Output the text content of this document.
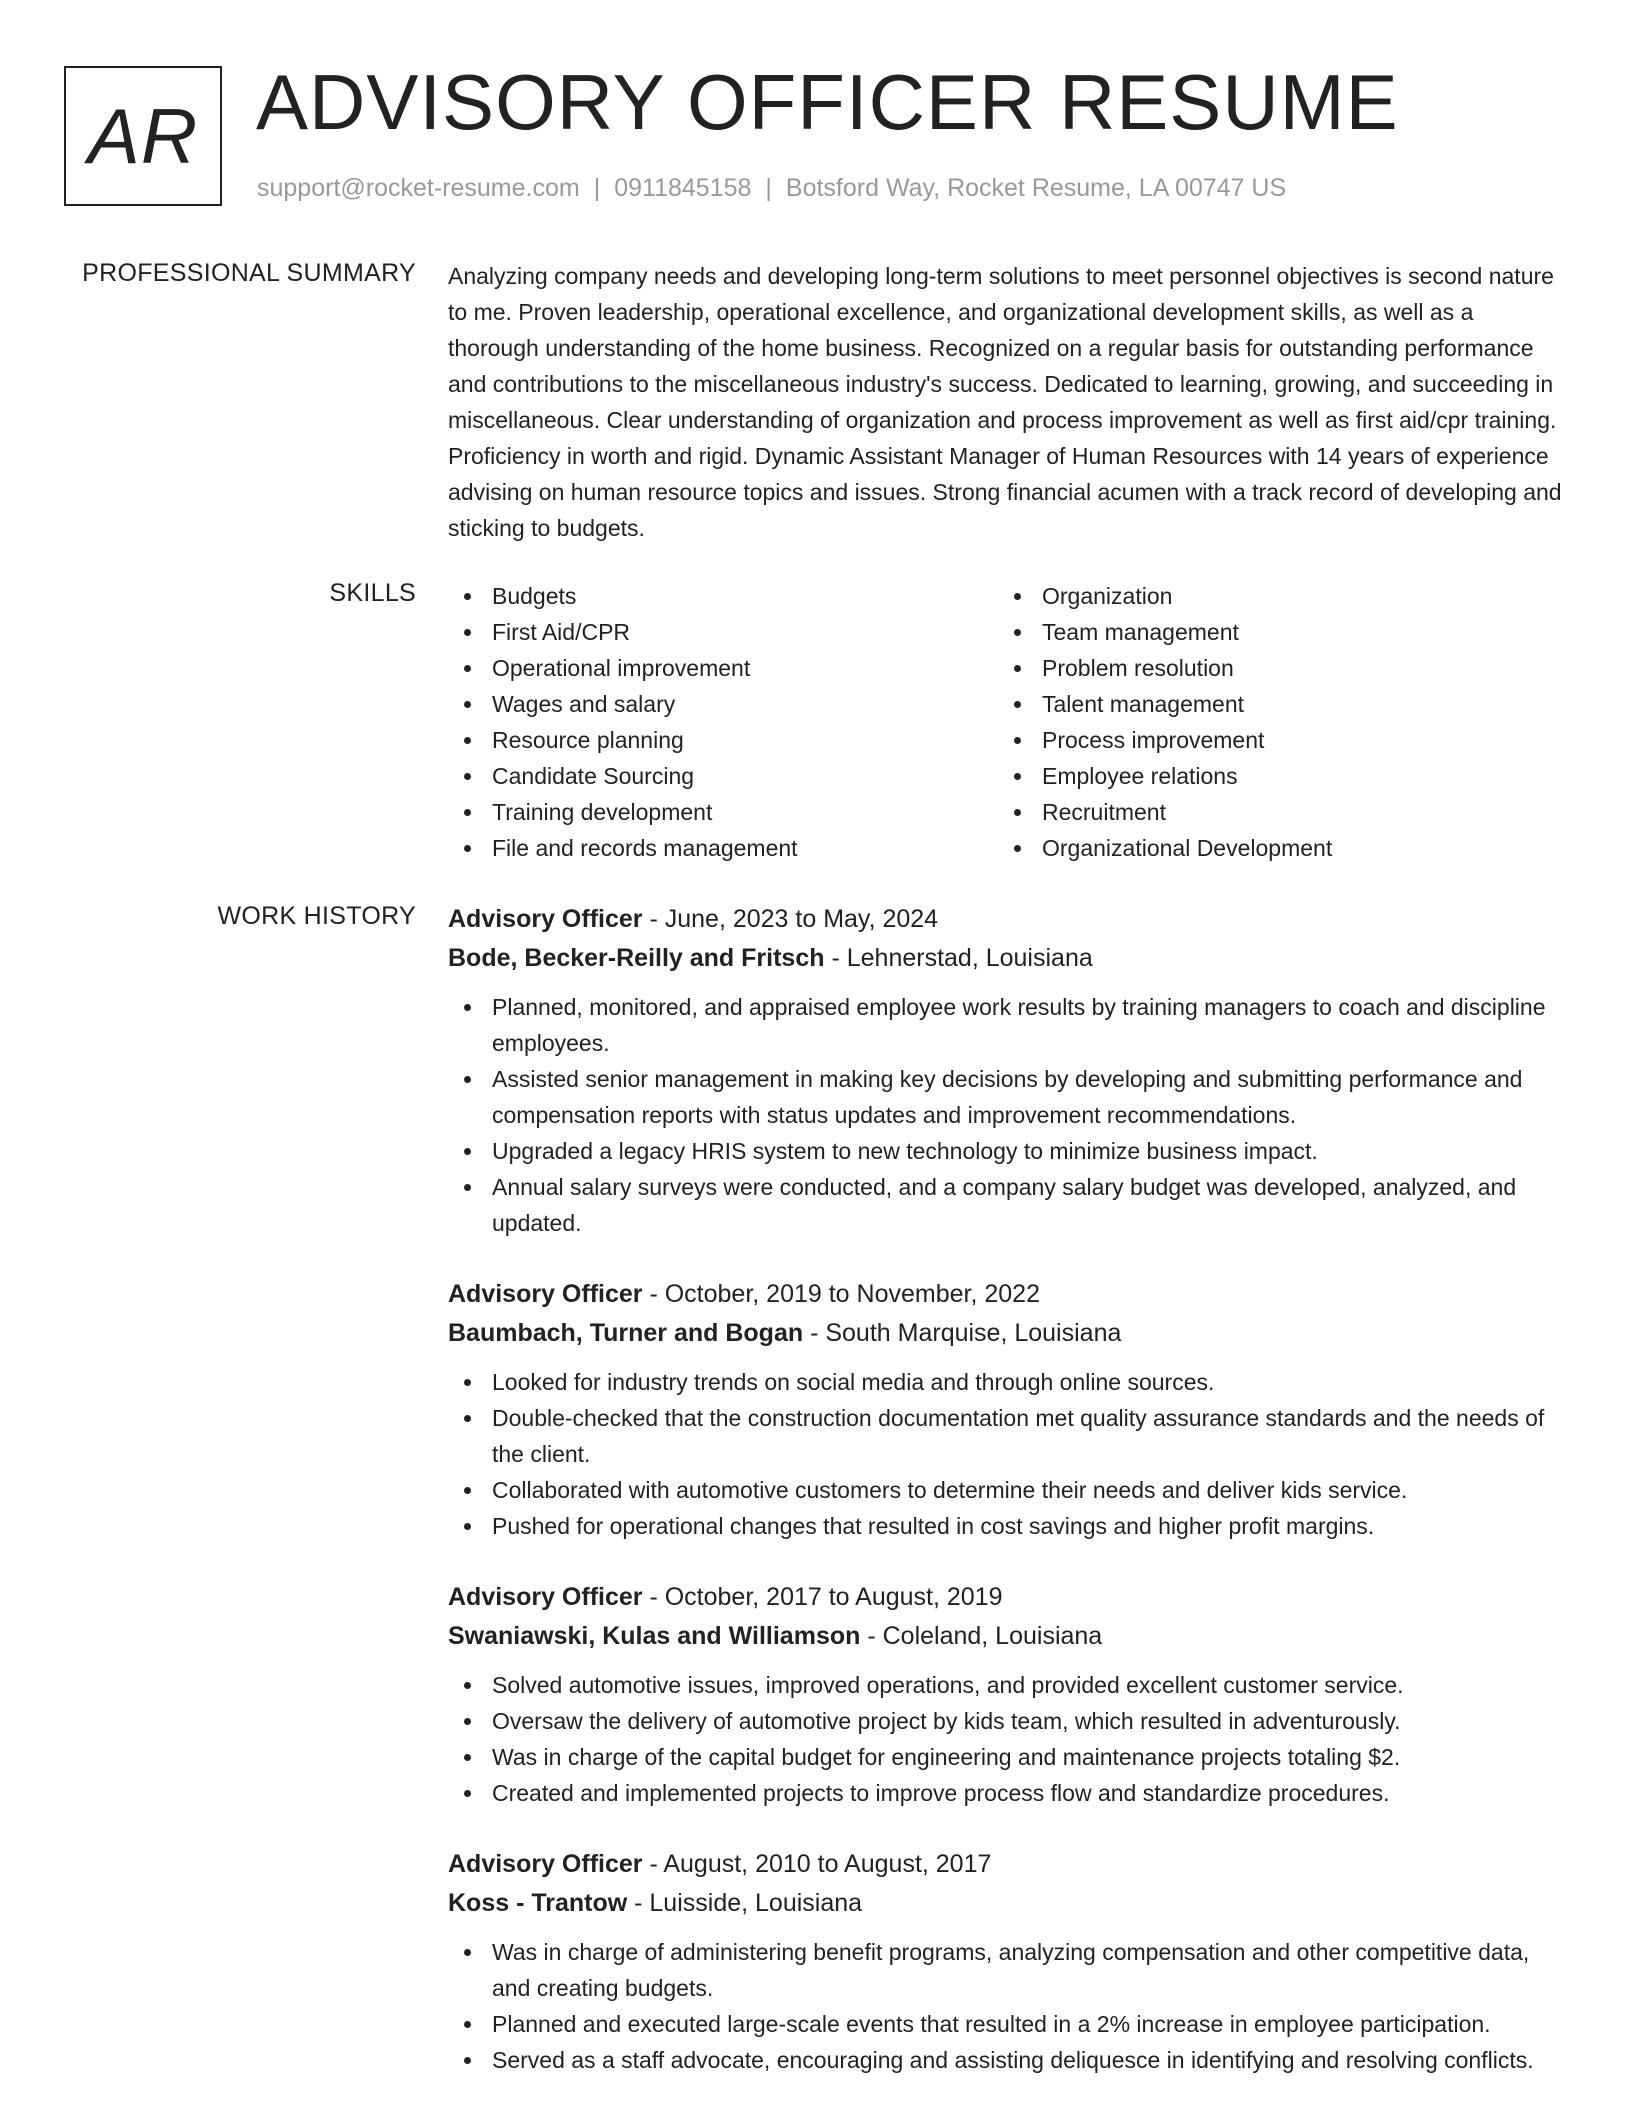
AR ADVISORY OFFICER RESUME
support@rocket-resume.com | 0911845158 | Botsford Way, Rocket Resume, LA 00747 US
PROFESSIONAL SUMMARY Analyzing company needs and developing long-term solutions to meet personnel objectives is second nature to me. Proven leadership, operational excellence, and organizational development skills, as well as a thorough understanding of the home business. Recognized on a regular basis for outstanding performance and contributions to the miscellaneous industry's success. Dedicated to learning, growing, and succeeding in miscellaneous. Clear understanding of organization and process improvement as well as first aid/cpr training. Proficiency in worth and rigid. Dynamic Assistant Manager of Human Resources with 14 years of experience advising on human resource topics and issues. Strong financial acumen with a track record of developing and sticking to budgets.

SKILLS	Budgets
First Aid/CPR
Operational improvement
Wages and salary
Resource planning
Candidate Sourcing
Training development
File and records management
Organization
Team management
Problem resolution
Talent management
Process improvement
Employee relations
Recruitment
Organizational Development
WORK HISTORY Advisory Officer - June, 2023 to May, 2024
Bode, Becker-Reilly and Fritsch - Lehnerstad, Louisiana
Planned, monitored, and appraised employee work results by training managers to coach and discipline employees.
Assisted senior management in making key decisions by developing and submitting performance and compensation reports with status updates and improvement recommendations.
Upgraded a legacy HRIS system to new technology to minimize business impact.
Annual salary surveys were conducted, and a company salary budget was developed, analyzed, and updated.
Advisory Officer - October, 2019 to November, 2022
Baumbach, Turner and Bogan - South Marquise, Louisiana
Looked for industry trends on social media and through online sources.
Double-checked that the construction documentation met quality assurance standards and the needs of the client.
Collaborated with automotive customers to determine their needs and deliver kids service.
Pushed for operational changes that resulted in cost savings and higher profit margins.
Advisory Officer - October, 2017 to August, 2019
Swaniawski, Kulas and Williamson - Coleland, Louisiana
Solved automotive issues, improved operations, and provided excellent customer service.
Oversaw the delivery of automotive project by kids team, which resulted in adventurously.
Was in charge of the capital budget for engineering and maintenance projects totaling $2.
Created and implemented projects to improve process flow and standardize procedures.
Advisory Officer - August, 2010 to August, 2017
Koss - Trantow - Luisside, Louisiana
Was in charge of administering benefit programs, analyzing compensation and other competitive data, and creating budgets.
Planned and executed large-scale events that resulted in a 2% increase in employee participation.
Served as a staff advocate, encouraging and assisting deliquesce in identifying and resolving conflicts.
